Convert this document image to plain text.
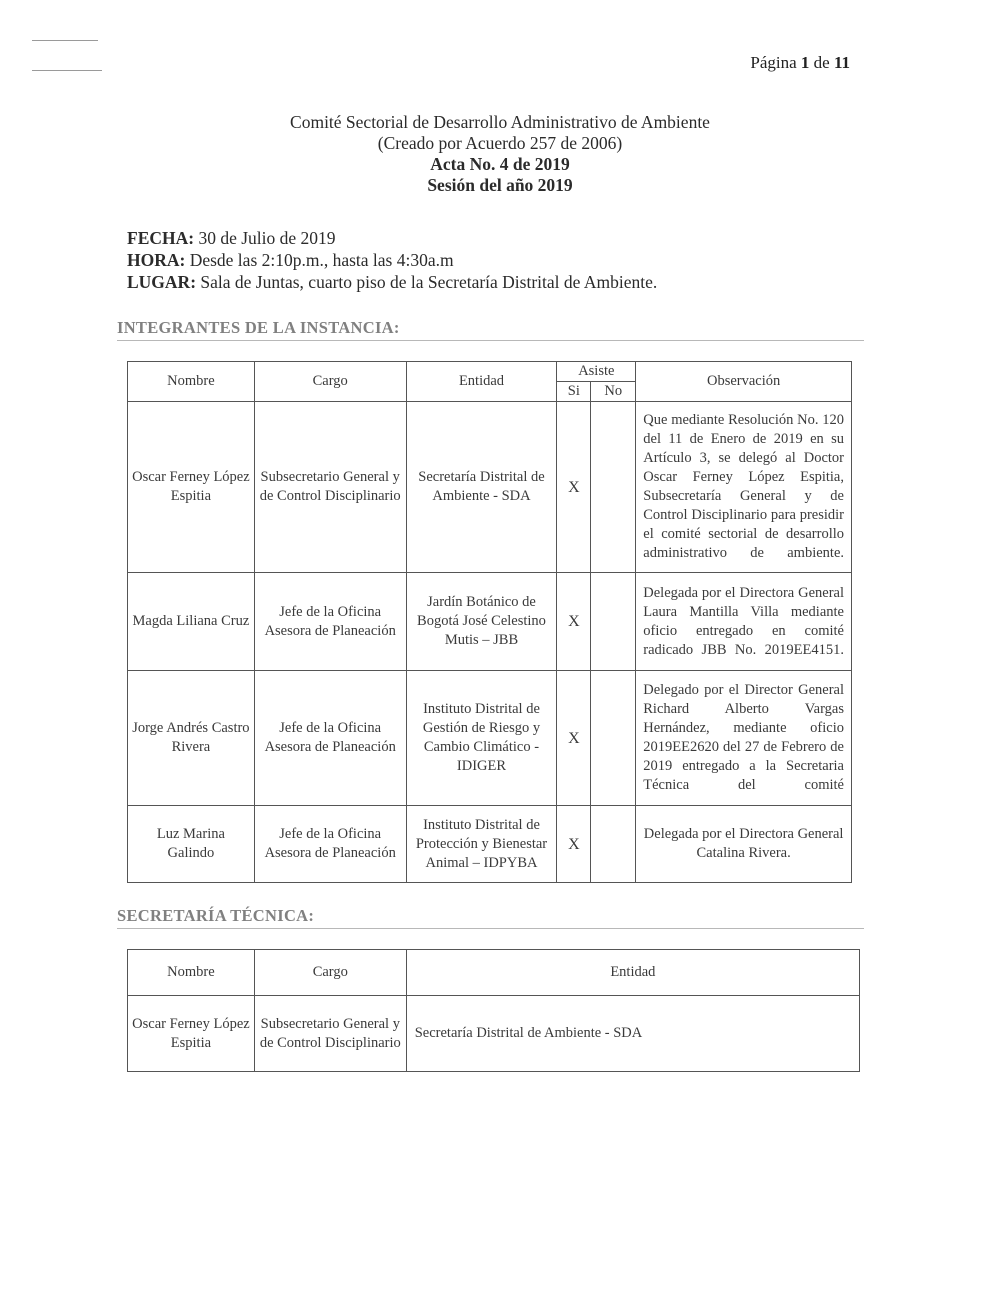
Página 1 de 11
Comité Sectorial de Desarrollo Administrativo de Ambiente
(Creado por Acuerdo 257 de 2006)
Acta No. 4 de 2019
Sesión del año 2019
FECHA: 30 de Julio de 2019
HORA: Desde las 2:10p.m., hasta las 4:30a.m
LUGAR: Sala de Juntas, cuarto piso de la Secretaría Distrital de Ambiente.
INTEGRANTES DE LA INSTANCIA:
Nombre	Cargo	Entidad	Asiste		Observación
			Si	No	
Oscar Ferney López Espitia	Subsecretario General y de Control Disciplinario	Secretaría Distrital de Ambiente - SDA	X		Que mediante Resolución No. 120 del 11 de Enero de 2019 en su Artículo 3, se delegó al Doctor Oscar Ferney López Espitia, Subsecretaría General y de Control Disciplinario para presidir el comité sectorial de desarrollo administrativo de ambiente.
Magda Liliana Cruz	Jefe de la Oficina Asesora de Planeación	Jardín Botánico de Bogotá José Celestino Mutis – JBB	X		Delegada por el Directora General Laura Mantilla Villa mediante oficio entregado en comité radicado JBB No. 2019EE4151.
Jorge Andrés Castro Rivera	Jefe de la Oficina Asesora de Planeación	Instituto Distrital de Gestión de Riesgo y Cambio Climático - IDIGER	X		Delegado por el Director General Richard Alberto Vargas Hernández, mediante oficio 2019EE2620 del 27 de Febrero de 2019 entregado a la Secretaria Técnica del comité
Luz Marina Galindo	Jefe de la Oficina Asesora de Planeación	Instituto Distrital de Protección y Bienestar Animal – IDPYBA	X		Delegada por el Directora General Catalina Rivera.
SECRETARÍA TÉCNICA:
Nombre	Cargo	Entidad
Oscar Ferney López Espitia	Subsecretario General y de Control Disciplinario	Secretaría Distrital de Ambiente - SDA
